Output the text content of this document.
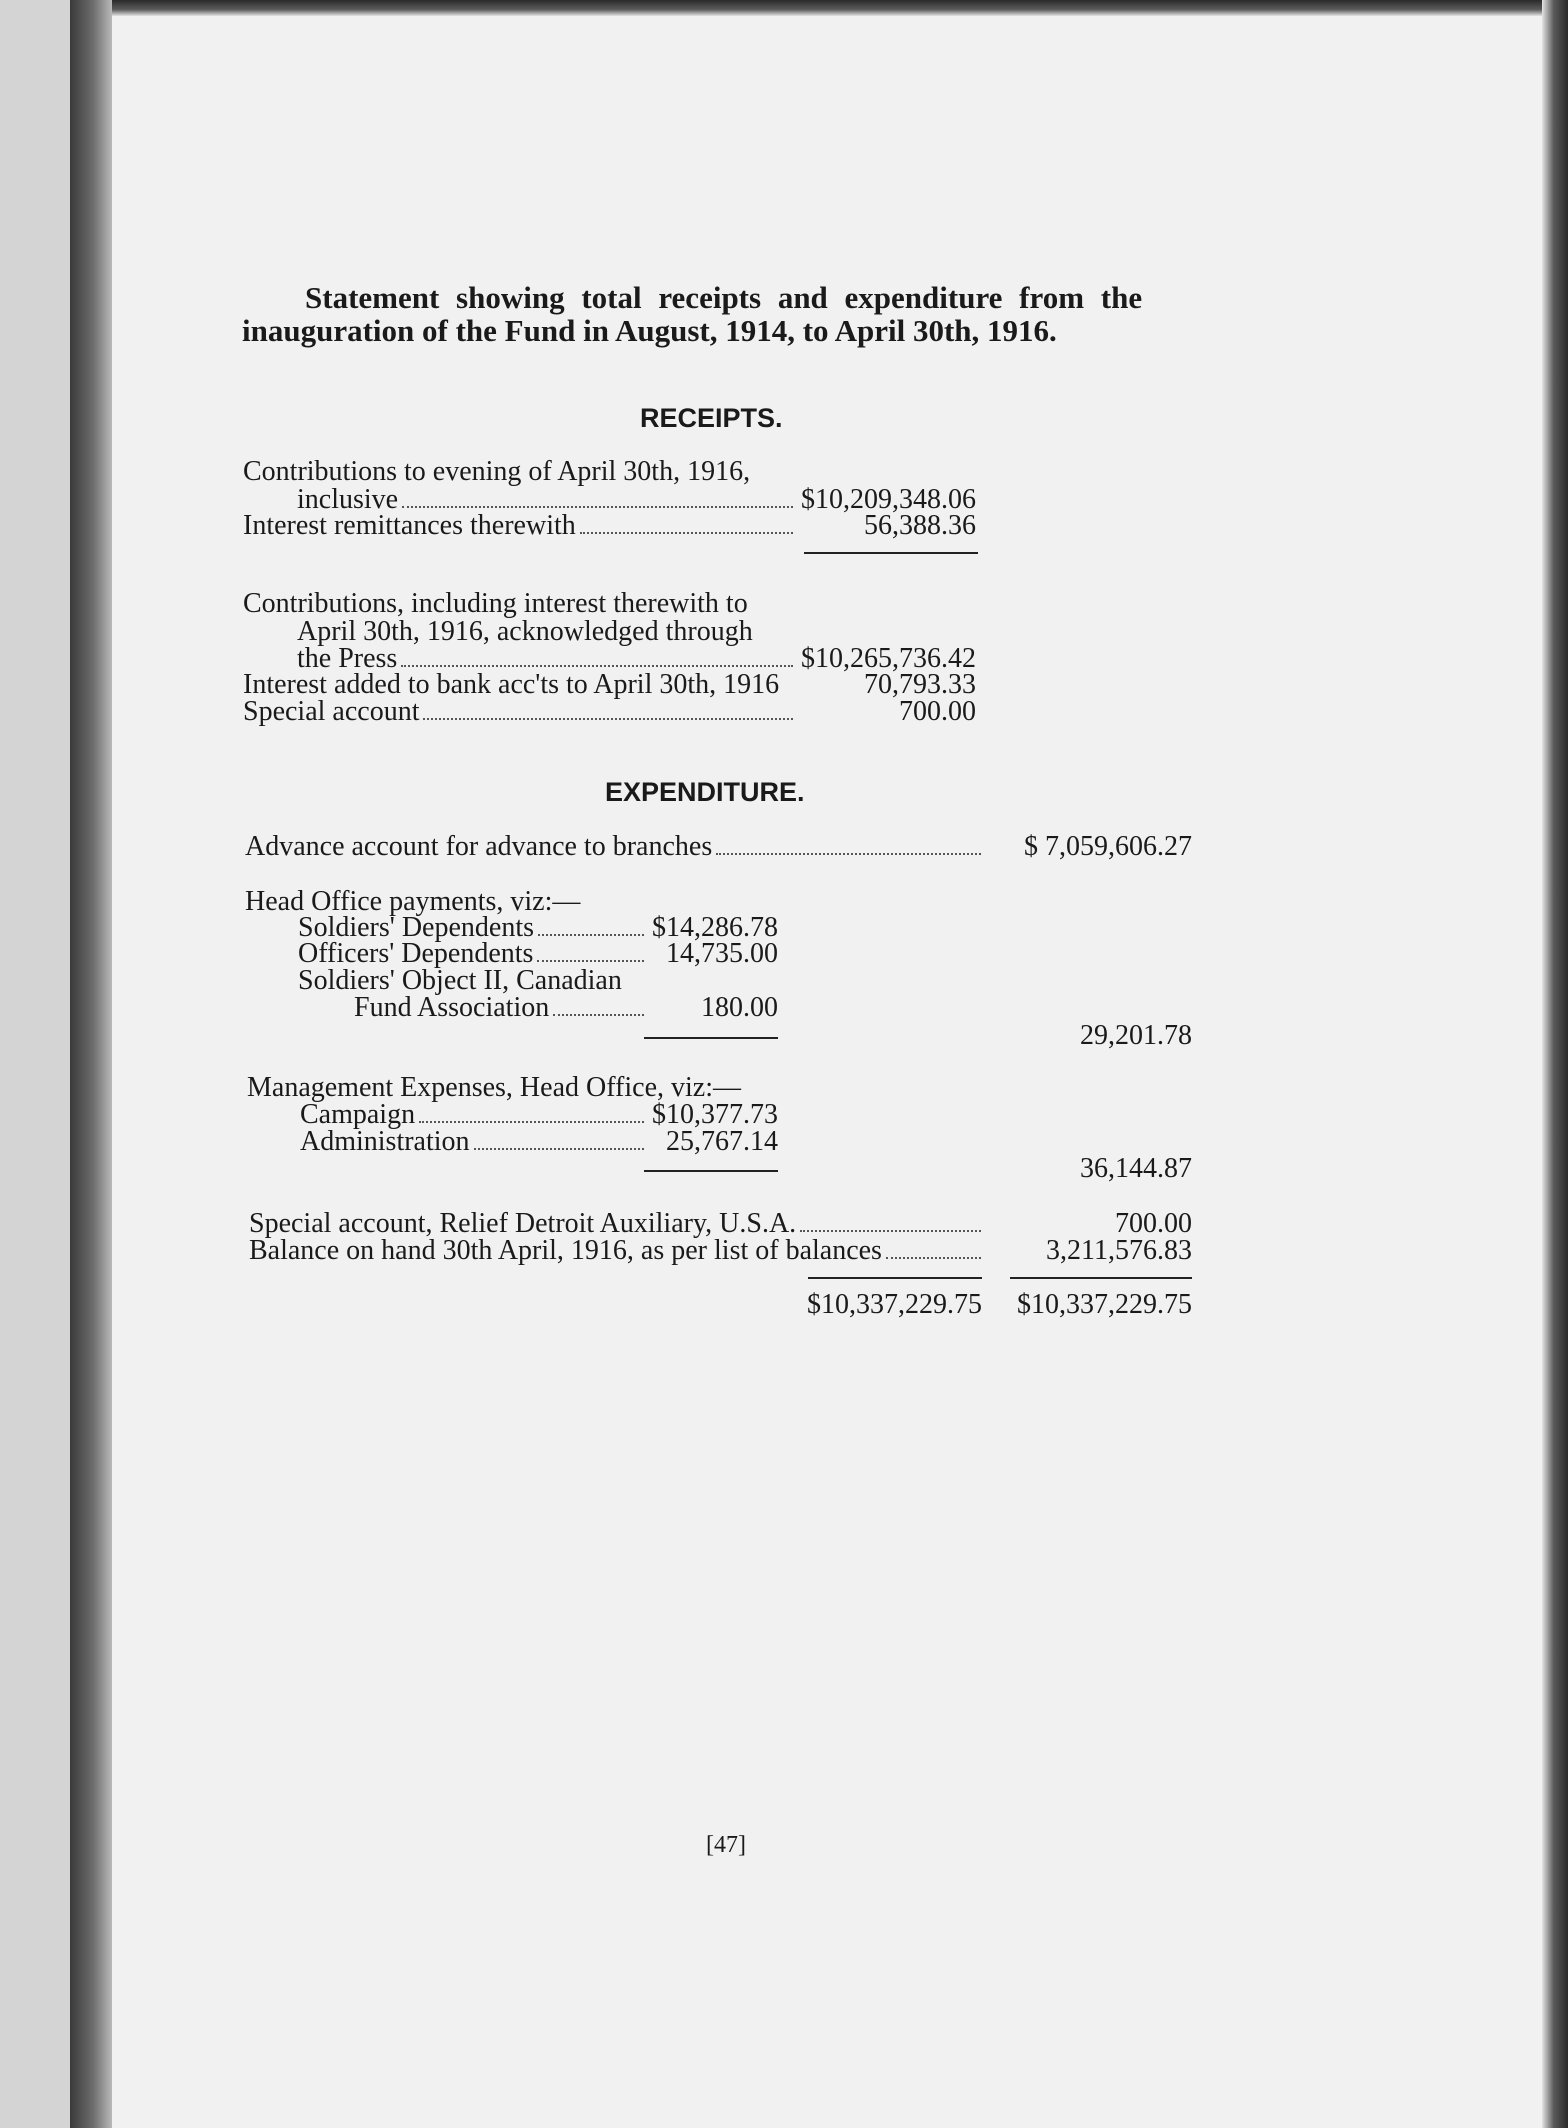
Statement showing total receipts and expenditure from the
inauguration of the Fund in August, 1914, to April 30th, 1916.
RECEIPTS.
Contributions to evening of April 30th, 1916,
inclusive	$10,209,348.06
Interest remittances therewith	56,388.36
Contributions, including interest therewith to
April 30th, 1916, acknowledged through
the Press	$10,265,736.42
Interest added to bank acc'ts to April 30th, 1916	70,793.33
Special account	700.00
EXPENDITURE.
Advance account for advance to branches	$ 7,059,606.27
Head Office payments, viz:—
Soldiers' Dependents	$14,286.78
Officers' Dependents	14,735.00
Soldiers' Object II, Canadian
Fund Association	180.00
29,201.78
Management Expenses, Head Office, viz:—
Campaign	$10,377.73
Administration	25,767.14
36,144.87
Special account, Relief Detroit Auxiliary, U.S.A.	700.00
Balance on hand 30th April, 1916, as per list of balances	3,211,576.83
$10,337,229.75	$10,337,229.75
[47]
